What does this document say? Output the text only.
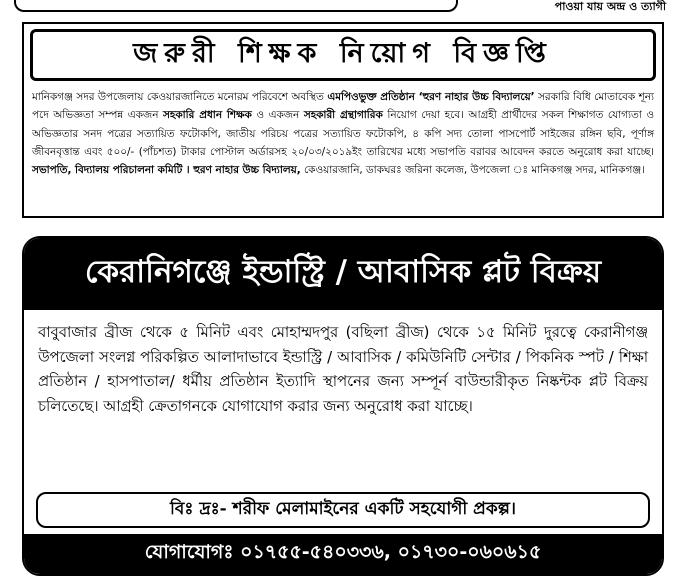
পাওয়া যায় অন্দ্র ও ত্যাগী
জরুরী শিক্ষক নিয়োগ বিজ্ঞপ্তি
মানিকগঞ্জ সদর উপজেলায় কেওয়ারজানিতে মনোরম পরিবেশে অবস্থিত এমপিওভুক্ত প্রতিষ্ঠান ‘হুরণ নাহার উচ্চ বিদ্যালয়ে’ সরকারি বিধি মোতাবেক শূন্য পদে অভিজ্ঞতা সম্পন্ন একজন সহকারি প্রধান শিক্ষক ও একজন সহকারী গ্রন্থাগারিক নিয়োগ দেয়া হবে। আগ্রহী প্রার্থীদের সকল শিক্ষাগত যোগ্যতা ও অভিজ্ঞতার সনদ পত্রের সত্যায়িত ফটোকপি, জাতীয় পরিচয় পত্রের সত্যায়িত ফটোকপি, ৪ কপি সদ্য তোলা পাসপোর্ট সাইজের রঙ্গিন ছবি, পূর্ণাঙ্গ জীবনবৃত্তান্ত এবং ৫০০/- (পাঁচশত) টাকার পোস্টাল অর্ডারসহ ২০/০৩/২০১৯ইং তারিখের মধ্যে সভাপতি বরাবর আবেদন করতে অনুরোধ করা যাচ্ছে। সভাপতি, বিদ্যালয় পরিচালনা কমিটি । হুরণ নাহার উচ্চ বিদ্যালয়, কেওয়ারজানি, ডাকঘরঃ জরিনা কলেজ, উপজেলা ঃ মানিকগঞ্জ সদর, মানিকগঞ্জ।
কেরানিগঞ্জে ইন্ডাস্ট্রি / আবাসিক প্লট বিক্রয়
বাবুবাজার ব্রীজ থেকে ৫ মিনিট এবং মোহাম্মদপুর (বছিলা ব্রীজ) থেকে ১৫ মিনিট দুরত্বে কেরানীগঞ্জ উপজেলা সংলগ্ন পরিকল্পিত আলাদাভাবে ইন্ডাস্ট্রি / আবাসিক / কমিউনিটি সেন্টার / পিকনিক স্পট / শিক্ষা প্রতিষ্ঠান / হাসপাতাল/ ধর্মীয় প্রতিষ্ঠান ইত্যাদি স্থাপনের জন্য সম্পূর্ন বাউন্ডারীকৃত নিষ্কন্টক প্লট বিক্রয় চলিতেছে। আগ্রহী ক্রেতাগনকে যোগাযোগ করার জন্য অনুরোধ করা যাচ্ছে।
বিঃ দ্রঃ- শরীফ মেলামাইনের একটি সহযোগী প্রকল্প।
যোগাযোগঃ ০১৭৫৫-৫৪০৩৩৬, ০১৭৩০-০৬০৬১৫
